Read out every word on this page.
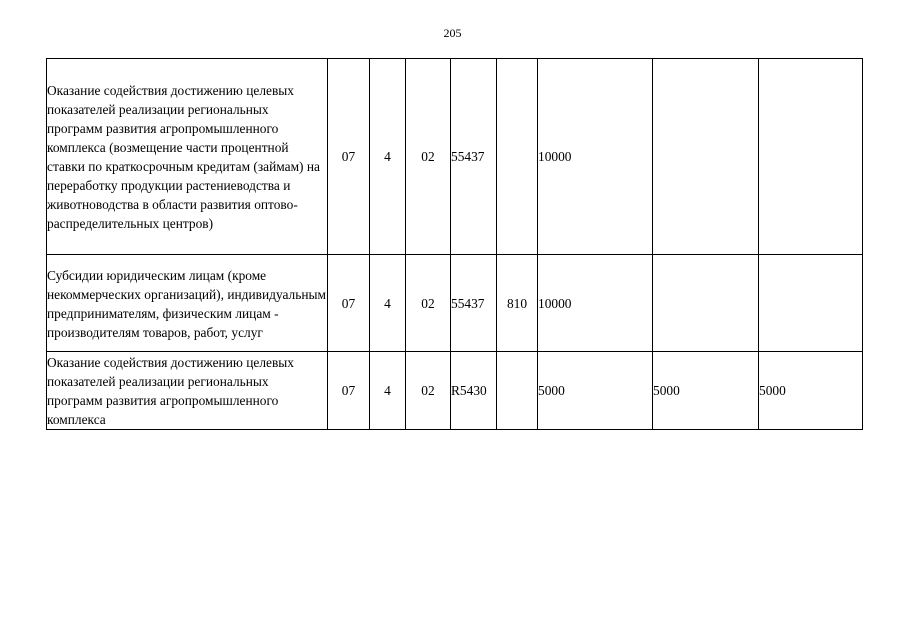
205
Оказание содействия достижению целевых показателей реализации региональных программ развития агропромышленного комплекса (возмещение части процентной ставки по краткосрочным кредитам (займам) на переработку продукции растениеводства и животноводства в области развития оптово-распределительных центров)	07	4	02	55437		10000		
Субсидии юридическим лицам (кроме некоммерческих организаций), индивидуальным предпринимателям, физическим лицам - производителям товаров, работ, услуг	07	4	02	55437	810	10000		
Оказание содействия достижению целевых показателей реализации региональных программ развития агропромышленного комплекса	07	4	02	R5430		5000	5000	5000
